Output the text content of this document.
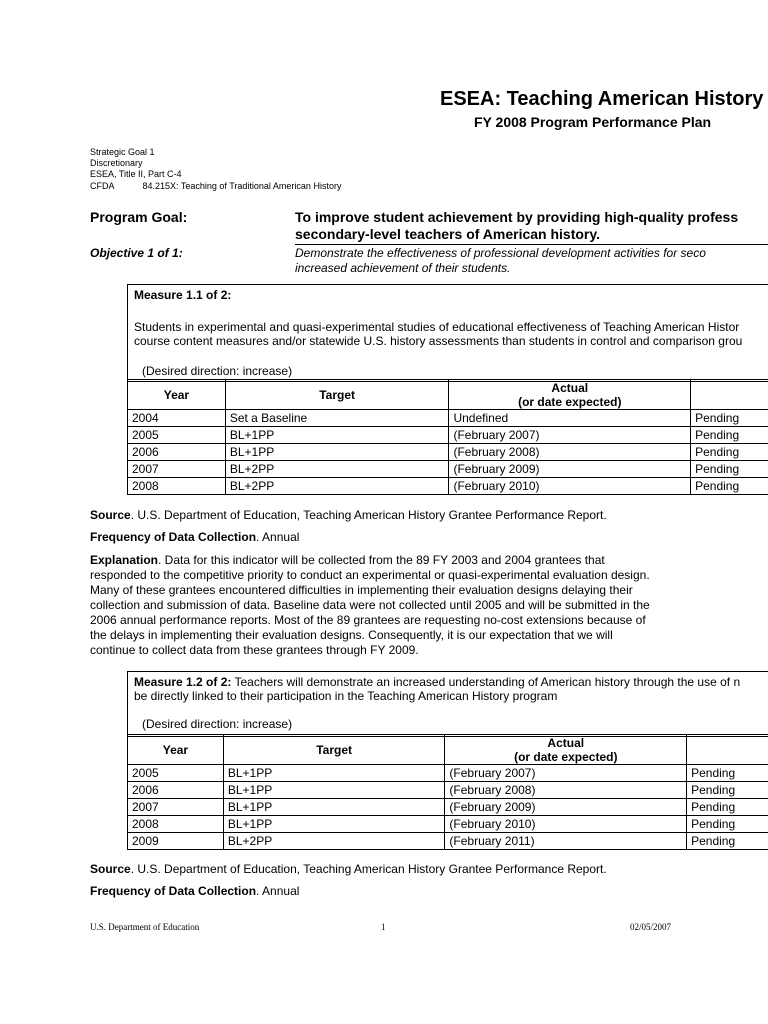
ESEA: Teaching American History
FY 2008 Program Performance Plan
Strategic Goal 1
Discretionary
ESEA, Title II, Part C-4
CFDA	84.215X: Teaching of Traditional American History
Program Goal:	To improve student achievement by providing high-quality profess
secondary-level teachers of American history.
Objective 1 of 1:	Demonstrate the effectiveness of professional development activities for seco
increased achievement of their students.
Measure 1.1 of 2:
Students in experimental and quasi-experimental studies of educational effectiveness of Teaching American Histor
course content measures and/or statewide U.S. history assessments than students in control and comparison grou
(Desired direction: increase)
Year	Target	Actual
(or date expected)	

2004	Set a Baseline	Undefined	Pending
2005	BL+1PP	(February 2007)	Pending
2006	BL+1PP	(February 2008)	Pending
2007	BL+2PP	(February 2009)	Pending
2008	BL+2PP	(February 2010)	Pending
Source. U.S. Department of Education, Teaching American History Grantee Performance Report.
Frequency of Data Collection. Annual
Explanation. Data for this indicator will be collected from the 89 FY 2003 and 2004 grantees that
responded to the competitive priority to conduct an experimental or quasi-experimental evaluation design.
Many of these grantees encountered difficulties in implementing their evaluation designs delaying their
collection and submission of data. Baseline data were not collected until 2005 and will be submitted in the
2006 annual performance reports. Most of the 89 grantees are requesting no-cost extensions because of
the delays in implementing their evaluation designs. Consequently, it is our expectation that we will
continue to collect data from these grantees through FY 2009.
Measure 1.2 of 2: Teachers will demonstrate an increased understanding of American history through the use of n
be directly linked to their participation in the Teaching American History program
(Desired direction: increase)
Year	Target	Actual
(or date expected)	

2005	BL+1PP	(February 2007)	Pending
2006	BL+1PP	(February 2008)	Pending
2007	BL+1PP	(February 2009)	Pending
2008	BL+1PP	(February 2010)	Pending
2009	BL+2PP	(February 2011)	Pending
Source. U.S. Department of Education, Teaching American History Grantee Performance Report.
Frequency of Data Collection. Annual
U.S. Department of Education	1	02/05/2007
